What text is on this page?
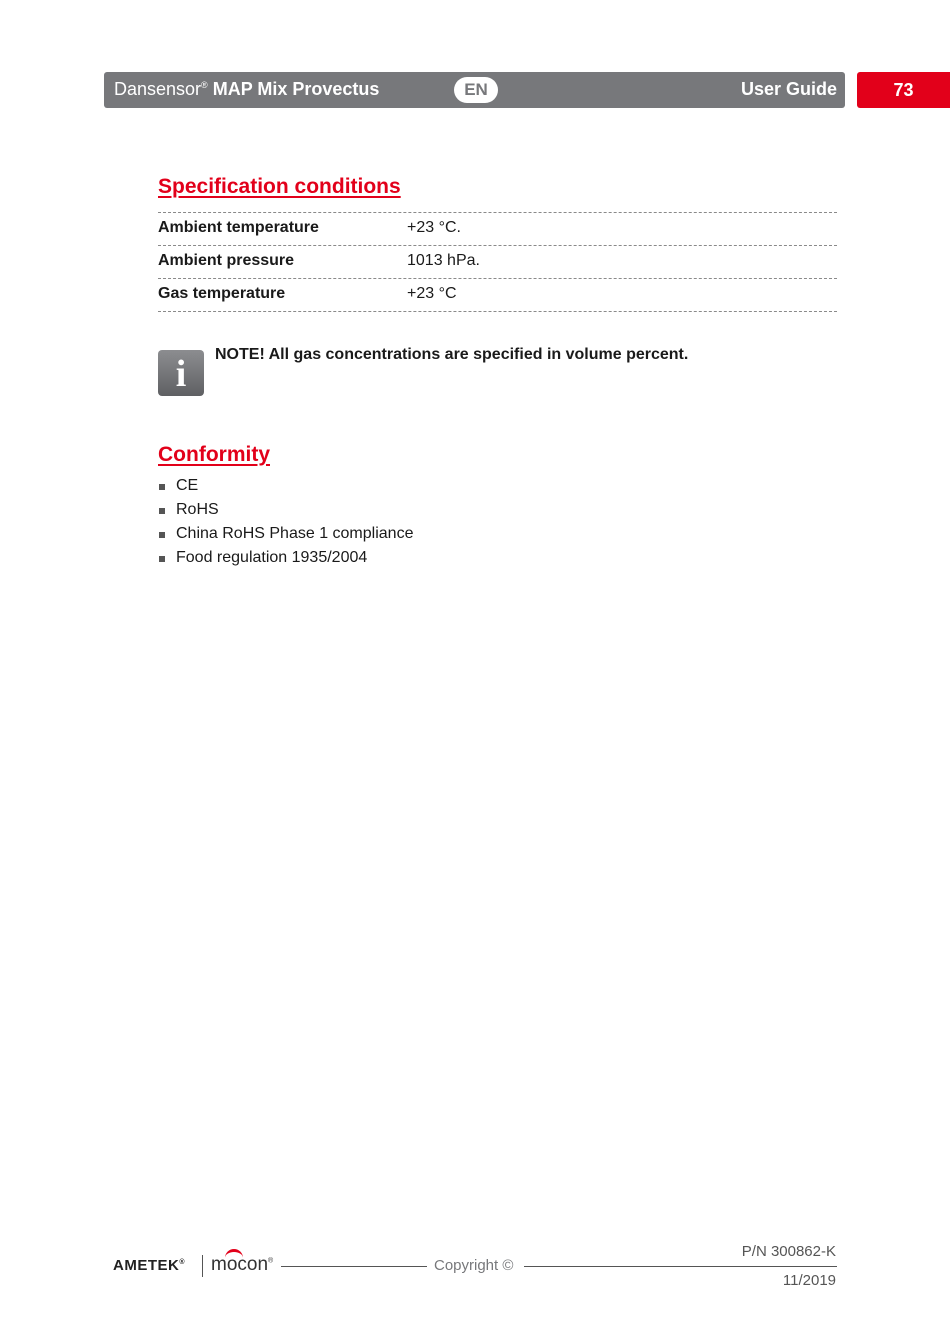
Dansensor® MAP Mix Provectus	EN	User Guide	73
Specification conditions
Ambient temperature	+23 °C.
Ambient pressure	1013 hPa.
Gas temperature	+23 °C
i	NOTE! All gas concentrations are specified in volume percent.
Conformity
CE
RoHS
China RoHS Phase 1 compliance
Food regulation 1935/2004
AMETEK® mocon®	Copyright ©
P/N 300862-K
11/2019
